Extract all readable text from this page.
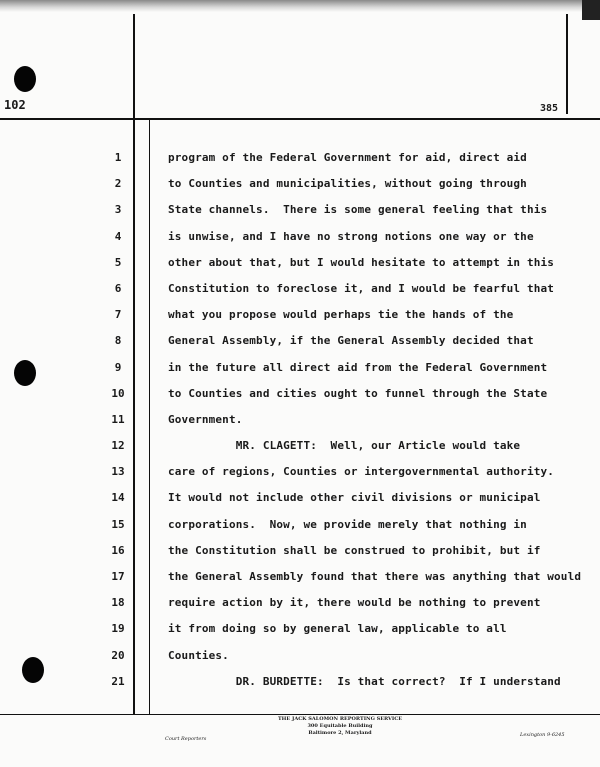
102	385
1
2
3
4
5
6
7
8
9
10
11
12
13
14
15
16
17
18
19
20
21
program of the Federal Government for aid, direct aid
to Counties and municipalities, without going through
State channels.  There is some general feeling that this
is unwise, and I have no strong notions one way or the
other about that, but I would hesitate to attempt in this
Constitution to foreclose it, and I would be fearful that
what you propose would perhaps tie the hands of the
General Assembly, if the General Assembly decided that
in the future all direct aid from the Federal Government
to Counties and cities ought to funnel through the State
Government.
MR. CLAGETT:  Well, our Article would take
care of regions, Counties or intergovernmental authority.
It would not include other civil divisions or municipal
corporations.  Now, we provide merely that nothing in
the Constitution shall be construed to prohibit, but if
the General Assembly found that there was anything that would
require action by it, there would be nothing to prevent
it from doing so by general law, applicable to all
Counties.
DR. BURDETTE:  Is that correct?  If I understand
THE JACK SALOMON REPORTING SERVICE
300 Equitable Building
Baltimore 2, Maryland
Court Reporters
Lexington 9-6245
